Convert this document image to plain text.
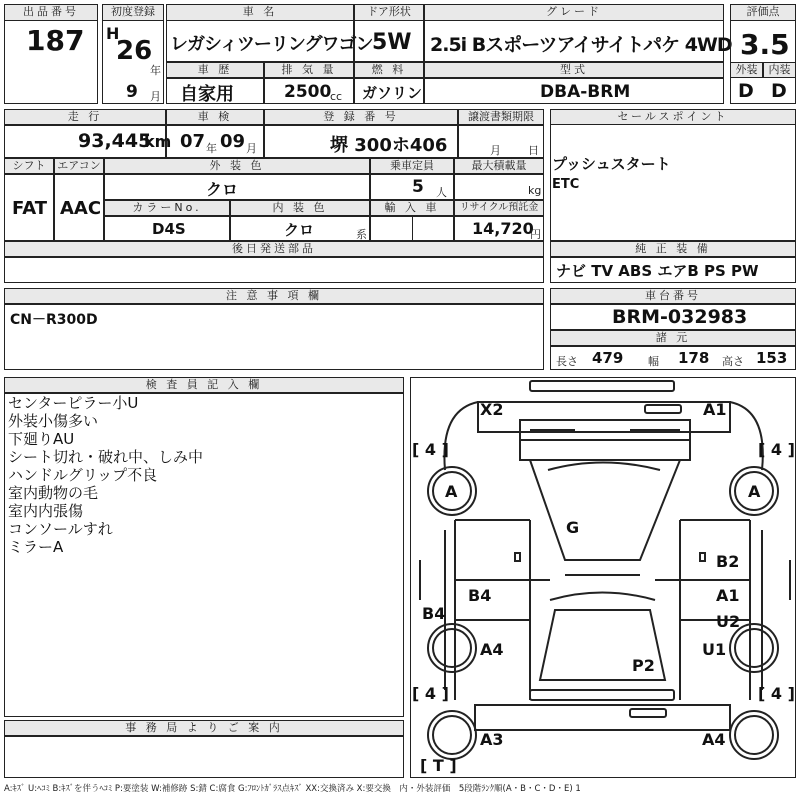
出品番号
187
初度登録
H
26
年
9 月
車 名
レガシィツーリングワゴン
ドア形状
5W
グレード
2.5i Bスポーツアイサイトパケ 4WD
評価点
3.5
外装	内装
D D
車 歴
自家用
排 気 量
2500
cc
燃 料
ガソリン
型式
DBA-BRM
走 行
93,445
km
車 検
07 年 09 月
登 録 番 号
堺 300ホ406
譲渡書類期限
月 日
セールスポイント
プッシュスタート
ETC
シフト	エアコン
FAT AAC
外 装 色
クロ
乗車定員
5 人
最大積載量
kg
カラーNo.
D4S
内 装 色
クロ	系
輸 入 車	リサイクル預託金
14,720
円
後日発送部品	純 正 装 備
ナビ TV ABS エアB PS PW
注 意 事 項 欄
CN－R300D
車台番号
BRM-032983
諸 元
長さ 479 幅 178 高さ 153
検 査 員 記 入 欄
センターピラー小U
外装小傷多い
下廻りAU
シート切れ・破れ中、しみ中
ハンドルグリップ不良
室内動物の毛
室内内張傷
コンソールすれ
ミラーA
事 務 局 よ り ご 案 内
X2	A1
A	A
G
B2
B4	A1
B4	U2
A4	U1
P2
A3	A4
[ 4 ]	[ 4 ]
[ 4 ]	[ 4 ]
[ T ]
A:ｷｽﾞ U:ﾍｺﾐ B:ｷｽﾞを伴うﾍｺﾐ P:要塗装 W:補修跡 S:錆 C:腐食 G:ﾌﾛﾝﾄｶﾞﾗｽ点ｷｽﾞ XX:交換済み X:要交換　内・外装評価　5段階ﾗﾝｸ順(A・B・C・D・E) 1
